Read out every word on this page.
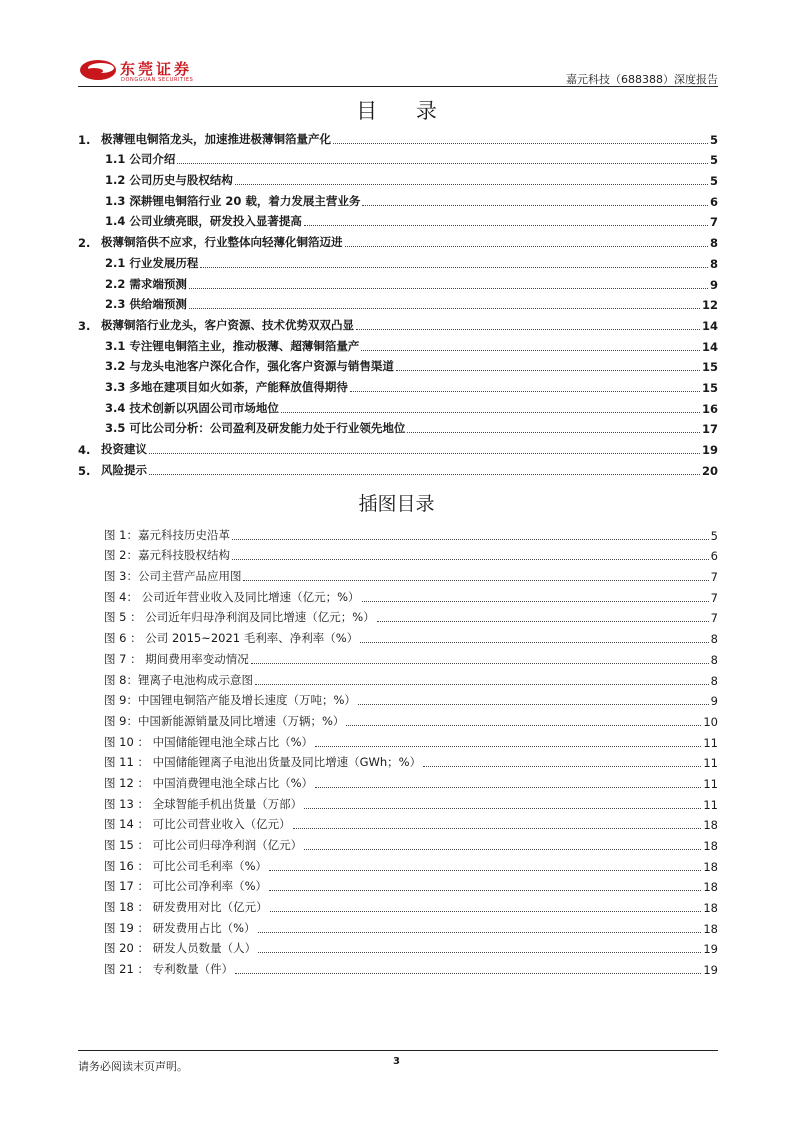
东莞证券
DONGGUAN SECURITIES	嘉元科技（688388）深度报告
目 录
1. 极薄锂电铜箔龙头，加速推进极薄铜箔量产化	5
1.1 公司介绍	5
1.2 公司历史与股权结构	5
1.3 深耕锂电铜箔行业 20 载，着力发展主营业务	6
1.4 公司业绩亮眼，研发投入显著提高	7
2. 极薄铜箔供不应求，行业整体向轻薄化铜箔迈进	8
2.1 行业发展历程	8
2.2 需求端预测	9
2.3 供给端预测	12
3. 极薄铜箔行业龙头，客户资源、技术优势双双凸显	14
3.1 专注锂电铜箔主业，推动极薄、超薄铜箔量产	14
3.2 与龙头电池客户深化合作，强化客户资源与销售渠道	15
3.3 多地在建项目如火如荼，产能释放值得期待	15
3.4 技术创新以巩固公司市场地位	16
3.5 可比公司分析：公司盈利及研发能力处于行业领先地位	17
4. 投资建议	19
5. 风险提示	20
插图目录
图 1：嘉元科技历史沿革	5
图 2：嘉元科技股权结构	6
图 3：公司主营产品应用图	7
图 4： 公司近年营业收入及同比增速（亿元；%）	7
图 5 ： 公司近年归母净利润及同比增速（亿元；%）	7
图 6 ： 公司 2015~2021 毛利率、净利率（%）	8
图 7 ： 期间费用率变动情况	8
图 8：锂离子电池构成示意图	8
图 9：中国锂电铜箔产能及增长速度（万吨；%）	9
图 9：中国新能源销量及同比增速（万辆；%）	10
图 10 ： 中国储能锂电池全球占比（%）	11
图 11 ： 中国储能锂离子电池出货量及同比增速（GWh；%）	11
图 12 ： 中国消费锂电池全球占比（%）	11
图 13 ： 全球智能手机出货量（万部）	11
图 14 ： 可比公司营业收入（亿元）	18
图 15 ： 可比公司归母净利润（亿元）	18
图 16 ： 可比公司毛利率（%）	18
图 17 ： 可比公司净利率（%）	18
图 18 ： 研发费用对比（亿元）	18
图 19 ： 研发费用占比（%）	18
图 20 ： 研发人员数量（人）	19
图 21 ： 专利数量（件）	19
请务必阅读末页声明。	3
